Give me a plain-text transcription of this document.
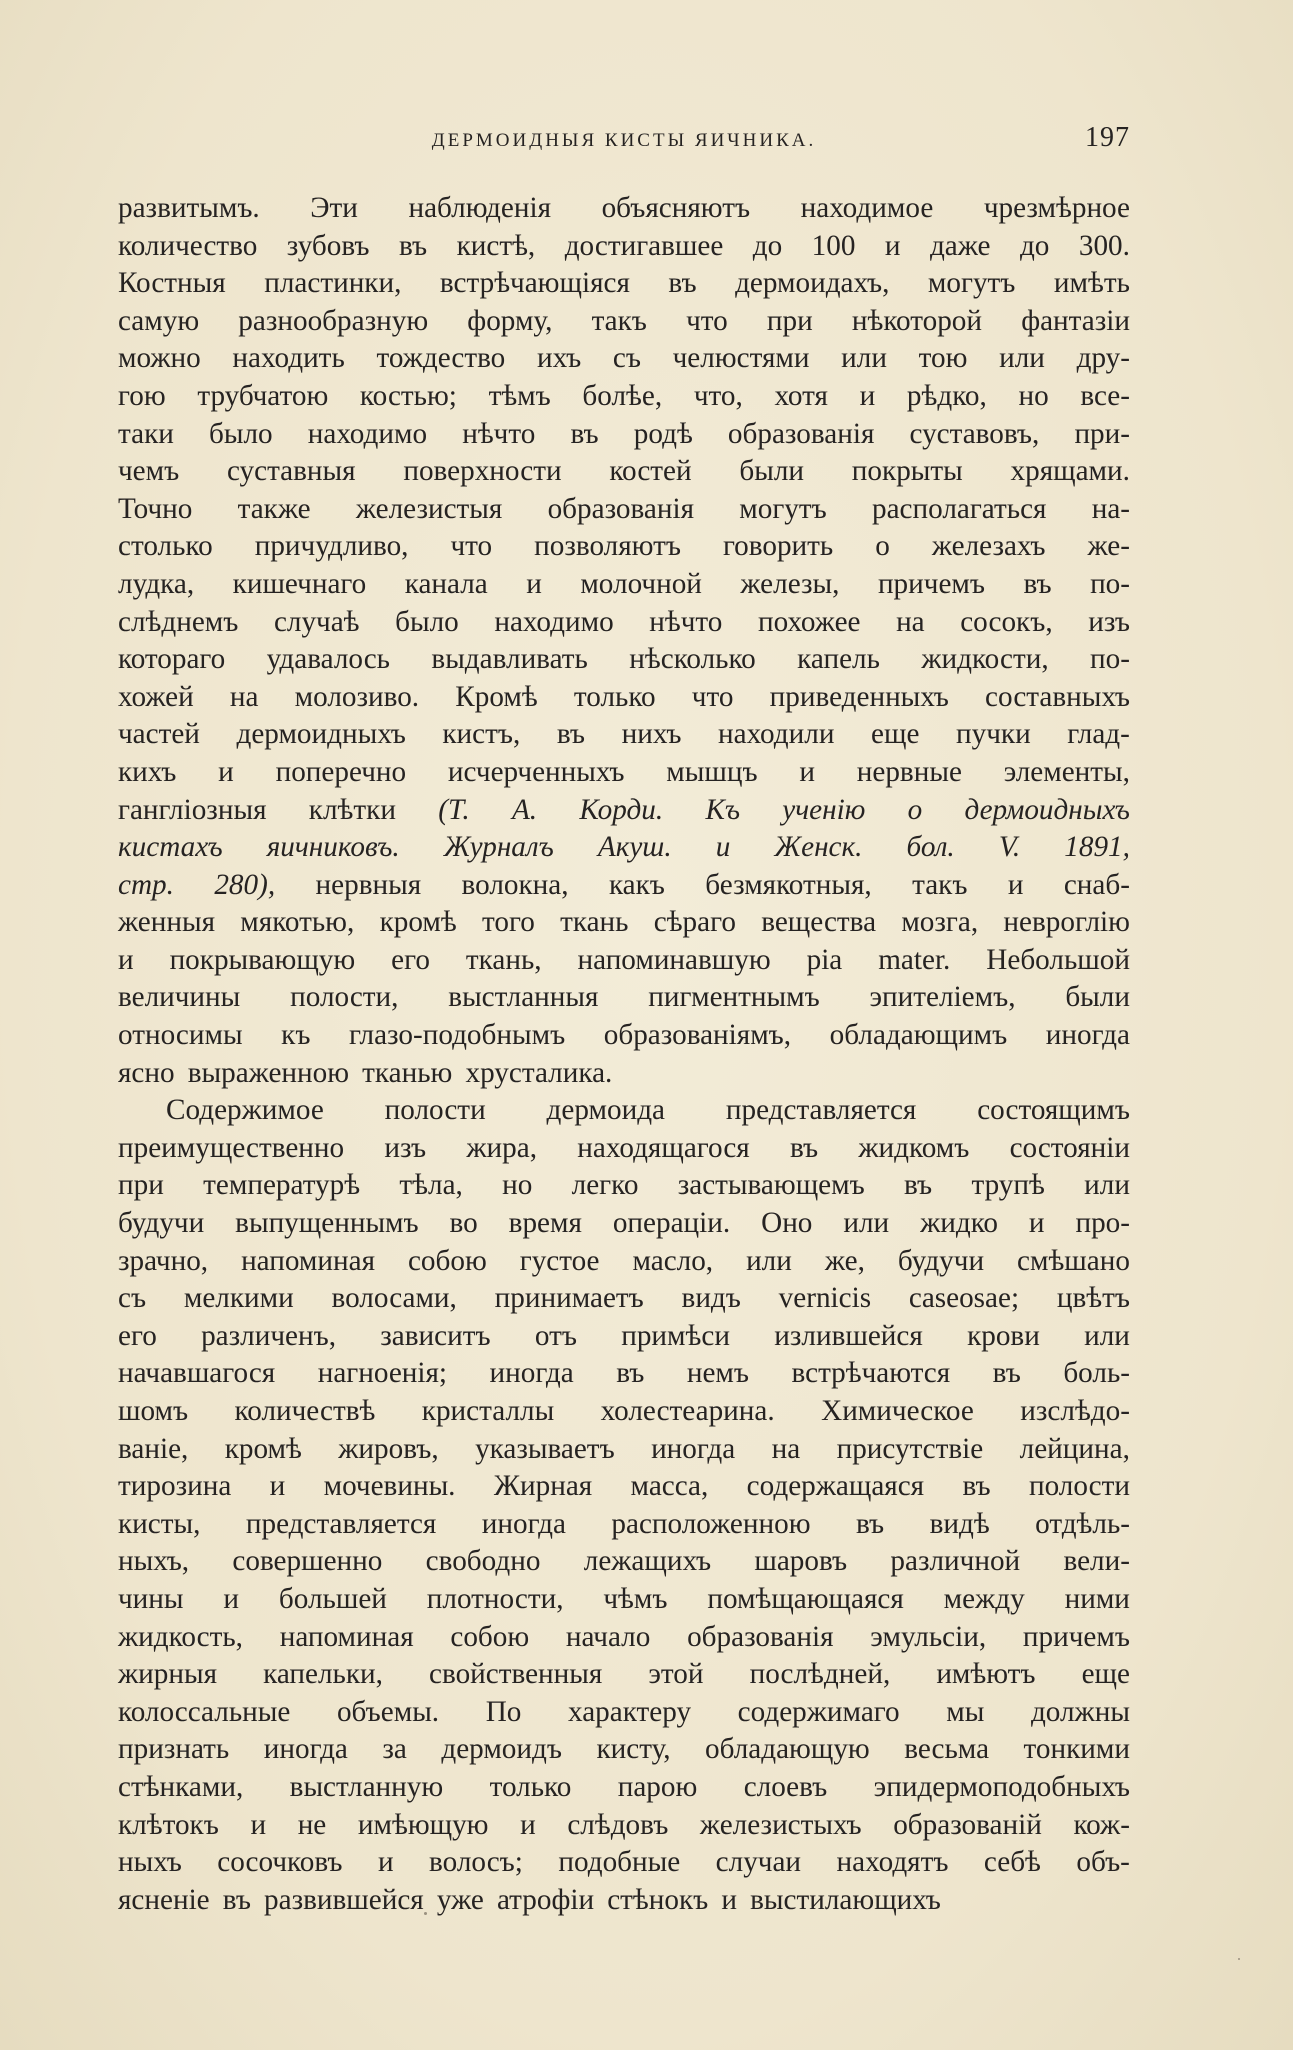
ДЕРМОИДНЫЯ КИСТЫ ЯИЧНИКА.	197
развитымъ. Эти наблюденія объясняютъ находимое чрезмѣрное
количество зубовъ въ кистѣ, достигавшее до 100 и даже до 300.
Костныя пластинки, встрѣчающіяся въ дермоидахъ, могутъ имѣть
самую разнообразную форму, такъ что при нѣкоторой фантазіи
можно находить тождество ихъ съ челюстями или тою или дру-
гою трубчатою костью; тѣмъ болѣе, что, хотя и рѣдко, но все-
таки было находимо нѣчто въ родѣ образованія суставовъ, при-
чемъ суставныя поверхности костей были покрыты хрящами.
Точно также железистыя образованія могутъ располагаться на-
столько причудливо, что позволяютъ говорить о железахъ же-
лудка, кишечнаго канала и молочной железы, причемъ въ по-
слѣднемъ случаѣ было находимо нѣчто похожее на сосокъ, изъ
котораго удавалось выдавливать нѣсколько капель жидкости, по-
хожей на молозиво. Кромѣ только что приведенныхъ составныхъ
частей дермоидныхъ кистъ, въ нихъ находили еще пучки глад-
кихъ и поперечно исчерченныхъ мышцъ и нервные элементы,
гангліозныя клѣтки (Т. А. Корди. Къ ученію о дермоидныхъ
кистахъ яичниковъ. Журналъ Акуш. и Женск. бол. V. 1891,
стр. 280), нервныя волокна, какъ безмякотныя, такъ и снаб-
женныя мякотью, кромѣ того ткань сѣраго вещества мозга, невроглію
и покрывающую его ткань, напоминавшую pia mater. Небольшой
величины полости, выстланныя пигментнымъ эпителіемъ, были
относимы къ глазо-подобнымъ образованіямъ, обладающимъ иногда
ясно выраженною тканью хрусталика.
Содержимое полости дермоида представляется состоящимъ
преимущественно изъ жира, находящагося въ жидкомъ состояніи
при температурѣ тѣла, но легко застывающемъ въ трупѣ или
будучи выпущеннымъ во время операціи. Оно или жидко и про-
зрачно, напоминая собою густое масло, или же, будучи смѣшано
съ мелкими волосами, принимаетъ видъ vernicis caseosae; цвѣтъ
его различенъ, зависитъ отъ примѣси излившейся крови или
начавшагося нагноенія; иногда въ немъ встрѣчаются въ боль-
шомъ количествѣ кристаллы холестеарина. Химическое изслѣдо-
ваніе, кромѣ жировъ, указываетъ иногда на присутствіе лейцина,
тирозина и мочевины. Жирная масса, содержащаяся въ полости
кисты, представляется иногда расположенною въ видѣ отдѣль-
ныхъ, совершенно свободно лежащихъ шаровъ различной вели-
чины и большей плотности, чѣмъ помѣщающаяся между ними
жидкость, напоминая собою начало образованія эмульсіи, причемъ
жирныя капельки, свойственныя этой послѣдней, имѣютъ еще
колоссальные объемы. По характеру содержимаго мы должны
признать иногда за дермоидъ кисту, обладающую весьма тонкими
стѣнками, выстланную только парою слоевъ эпидермоподобныхъ
клѣтокъ и не имѣющую и слѣдовъ железистыхъ образованій кож-
ныхъ сосочковъ и волосъ; подобные случаи находятъ себѣ объ-
ясненіе въ развившейся уже атрофіи стѣнокъ и выстилающихъ
